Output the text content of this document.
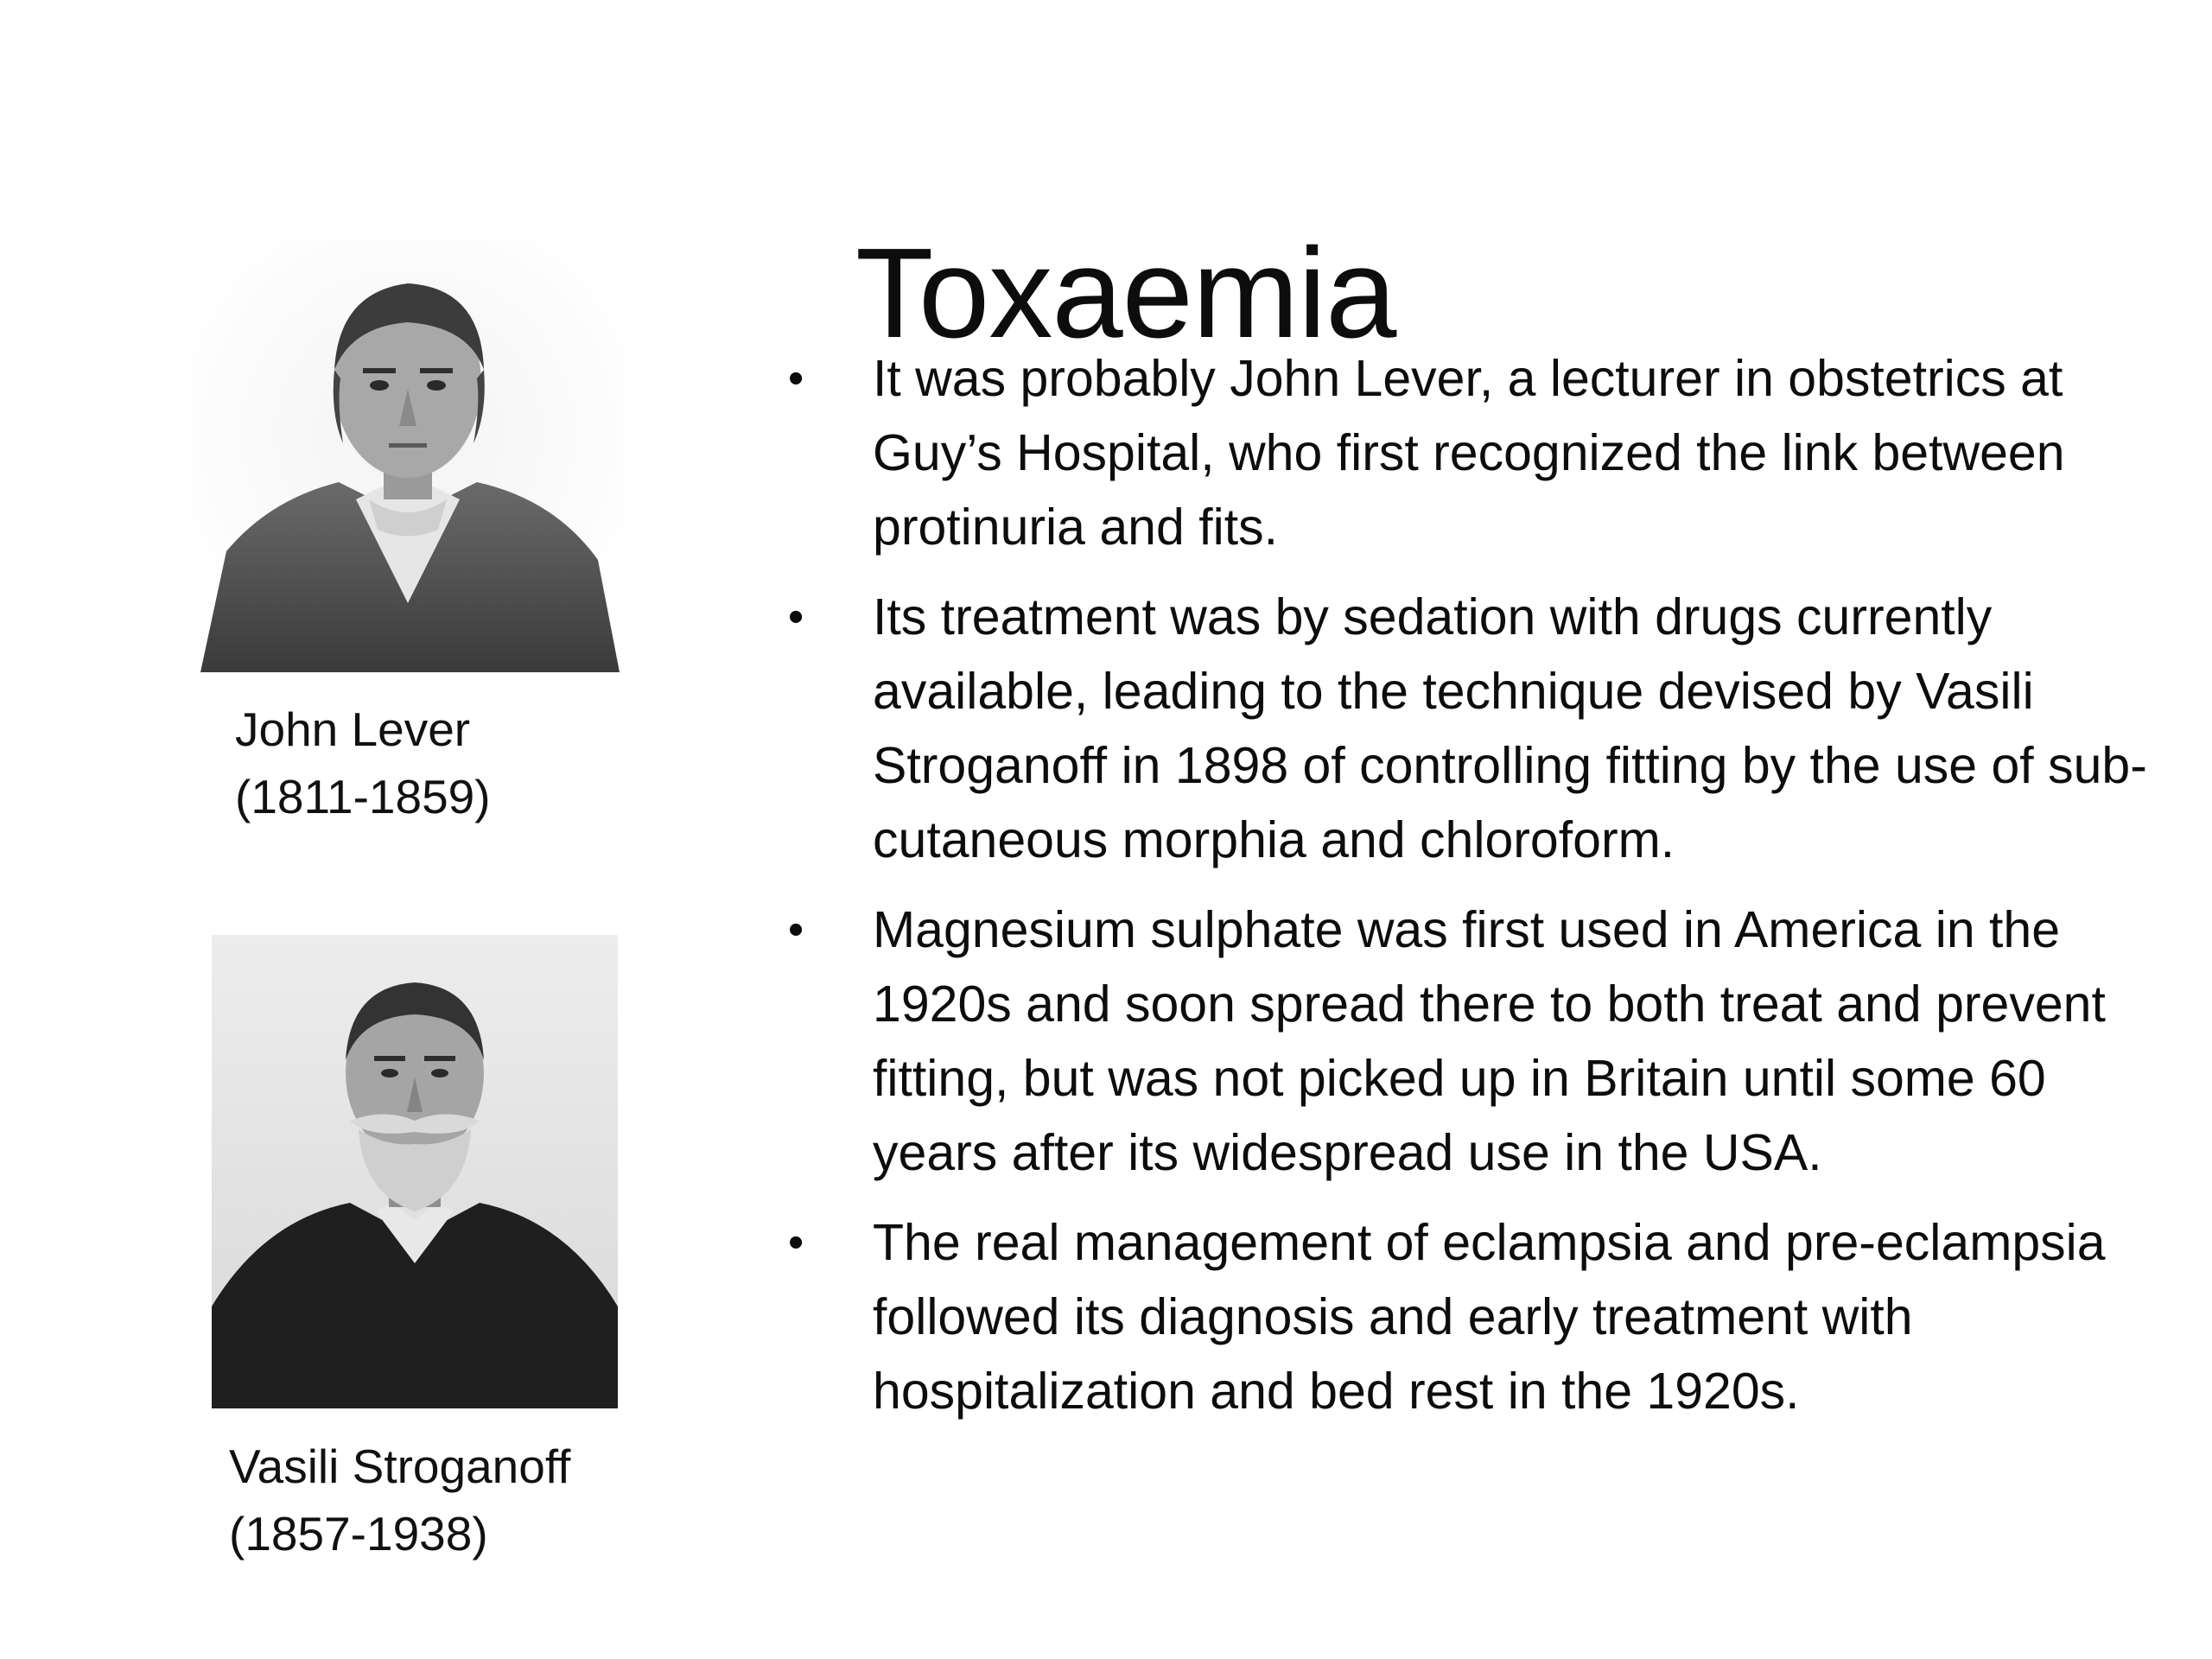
Toxaemia
John Lever
(1811-1859)
Vasili Stroganoff
(1857-1938)
• It was probably John Lever, a lecturer in obstetrics at Guy’s Hospital, who first recognized the link between protinuria and fits.
• Its treatment was by sedation with drugs currently available, leading to the technique devised by Vasili Stroganoff in 1898 of controlling fitting by the use of sub-cutaneous morphia and chloroform.
• Magnesium sulphate was first used in America in the 1920s and soon spread there to both treat and prevent fitting, but was not picked up in Britain until some 60 years after its widespread use in the USA.
• The real management of eclampsia and pre-eclampsia followed its diagnosis and early treatment with hospitalization and bed rest in the 1920s.
